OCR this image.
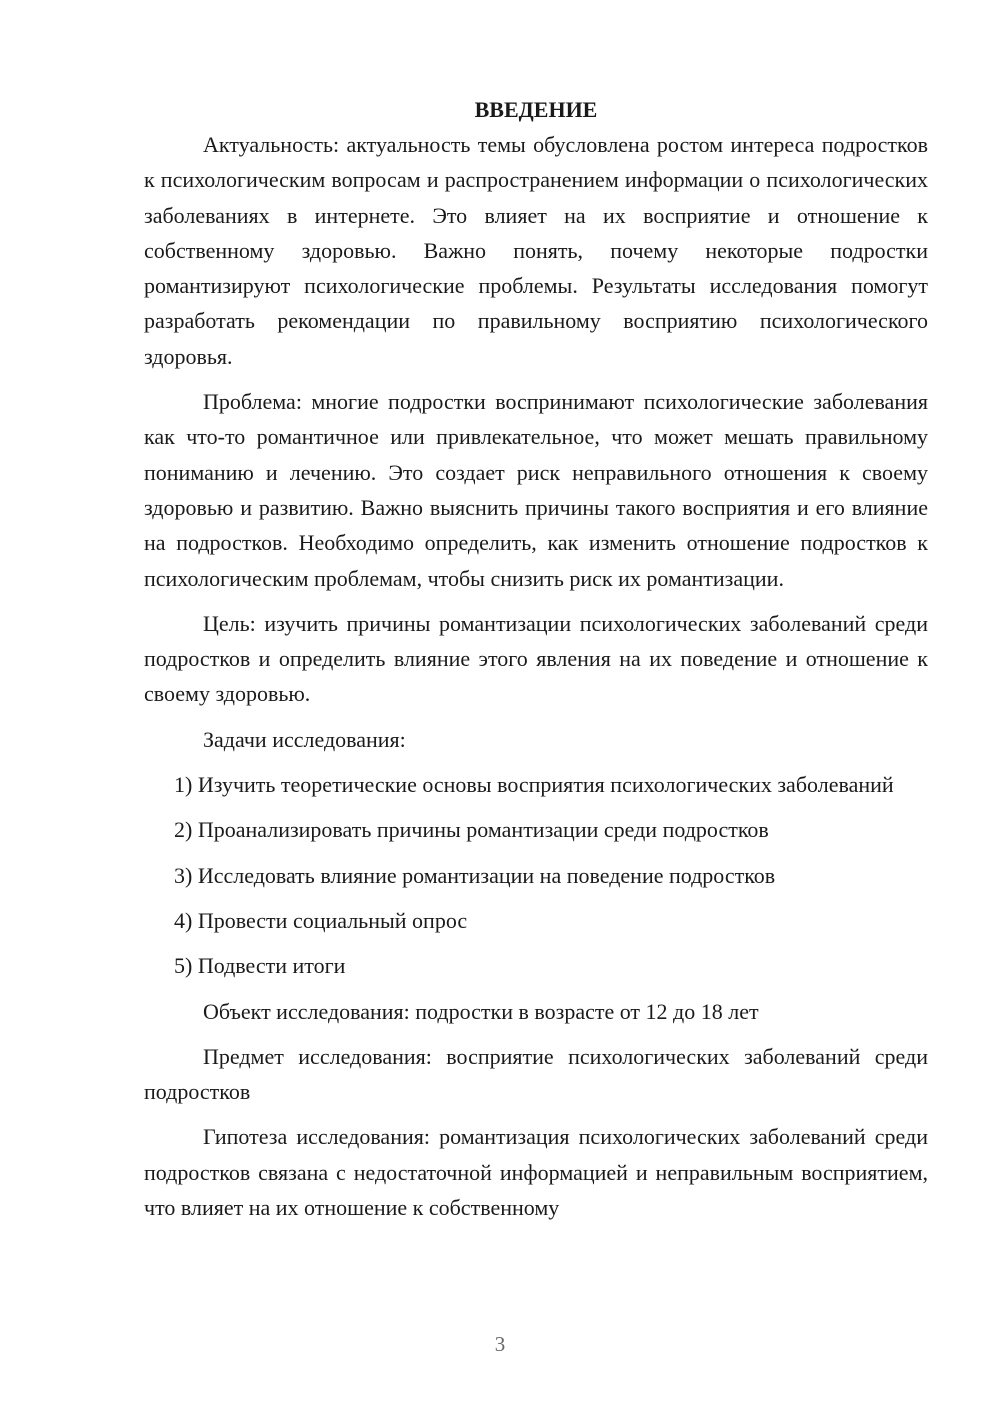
ВВЕДЕНИЕ

Актуальность: актуальность темы обусловлена ростом интереса подростков к психологическим вопросам и распространением информации о психологических заболеваниях в интернете. Это влияет на их восприятие и отношение к собственному здоровью. Важно понять, почему некоторые подростки романтизируют психологические проблемы. Результаты исследования помогут разработать рекомендации по правильному восприятию психологического здоровья.

Проблема: многие подростки воспринимают психологические заболевания как что-то романтичное или привлекательное, что может мешать правильному пониманию и лечению. Это создает риск неправильного отношения к своему здоровью и развитию. Важно выяснить причины такого восприятия и его влияние на подростков. Необходимо определить, как изменить отношение подростков к психологическим проблемам, чтобы снизить риск их романтизации.

Цель: изучить причины романтизации психологических заболеваний среди подростков и определить влияние этого явления на их поведение и отношение к своему здоровью.

Задачи исследования:

1) Изучить теоретические основы восприятия психологических заболеваний

2) Проанализировать причины романтизации среди подростков

3) Исследовать влияние романтизации на поведение подростков

4) Провести социальный опрос

5) Подвести итоги

Объект исследования: подростки в возрасте от 12 до 18 лет

Предмет исследования: восприятие психологических заболеваний среди подростков

Гипотеза исследования: романтизация психологических заболеваний среди подростков связана с недостаточной информацией и неправильным восприятием, что влияет на их отношение к собственному

3
